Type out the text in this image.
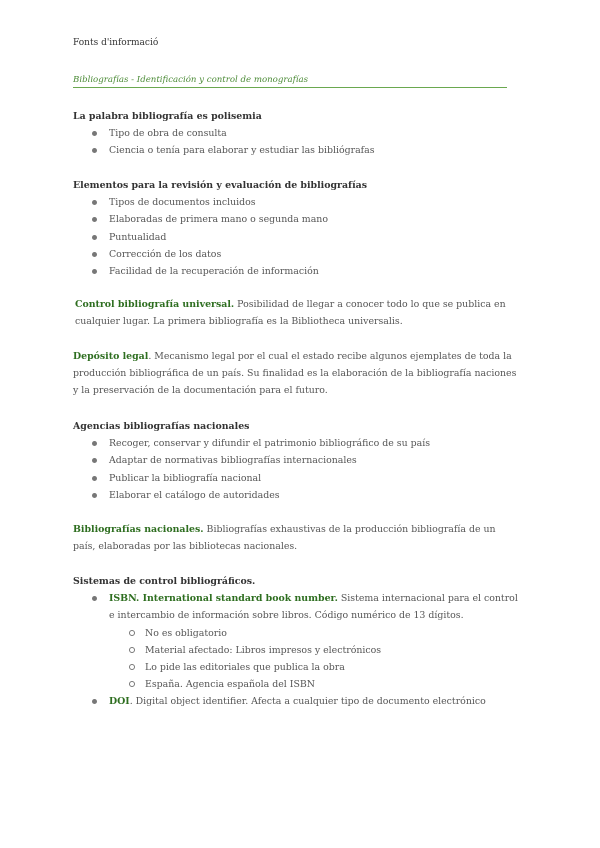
Fonts d'informació
Bibliografías - Identificación y control de monografías
La palabra bibliografía es polisemia
Tipo de obra de consulta
Ciencia o tenía para elaborar y estudiar las bibliógrafas
Elementos para la revisión y evaluación de bibliografías
Tipos de documentos incluidos
Elaboradas de primera mano o segunda mano
Puntualidad
Corrección de los datos
Facilidad de la recuperación de información
Control bibliografía universal. Posibilidad de llegar a conocer todo lo que se publica en cualquier lugar. La primera bibliografía es la Bibliotheca universalis.
Depósito legal. Mecanismo legal por el cual el estado recibe algunos ejemplates de toda la producción bibliográfica de un país. Su finalidad es la elaboración de la bibliografía naciones y la preservación de la documentación para el futuro.
Agencias bibliografías nacionales
Recoger, conservar y difundir el patrimonio bibliográfico de su país
Adaptar de normativas bibliografías internacionales
Publicar la bibliografía nacional
Elaborar el catálogo de autoridades
Bibliografías nacionales. Bibliografías exhaustivas de la producción bibliografía de un país, elaboradas por las bibliotecas nacionales.
Sistemas de control bibliográficos.
ISBN. International standard book number. Sistema internacional para el control e intercambio de información sobre libros. Código numérico de 13 dígitos.
No es obligatorio
Material afectado: Libros impresos y electrónicos
Lo pide las editoriales que publica la obra
España. Agencia española del ISBN
DOI. Digital object identifier. Afecta a cualquier tipo de documento electrónico
